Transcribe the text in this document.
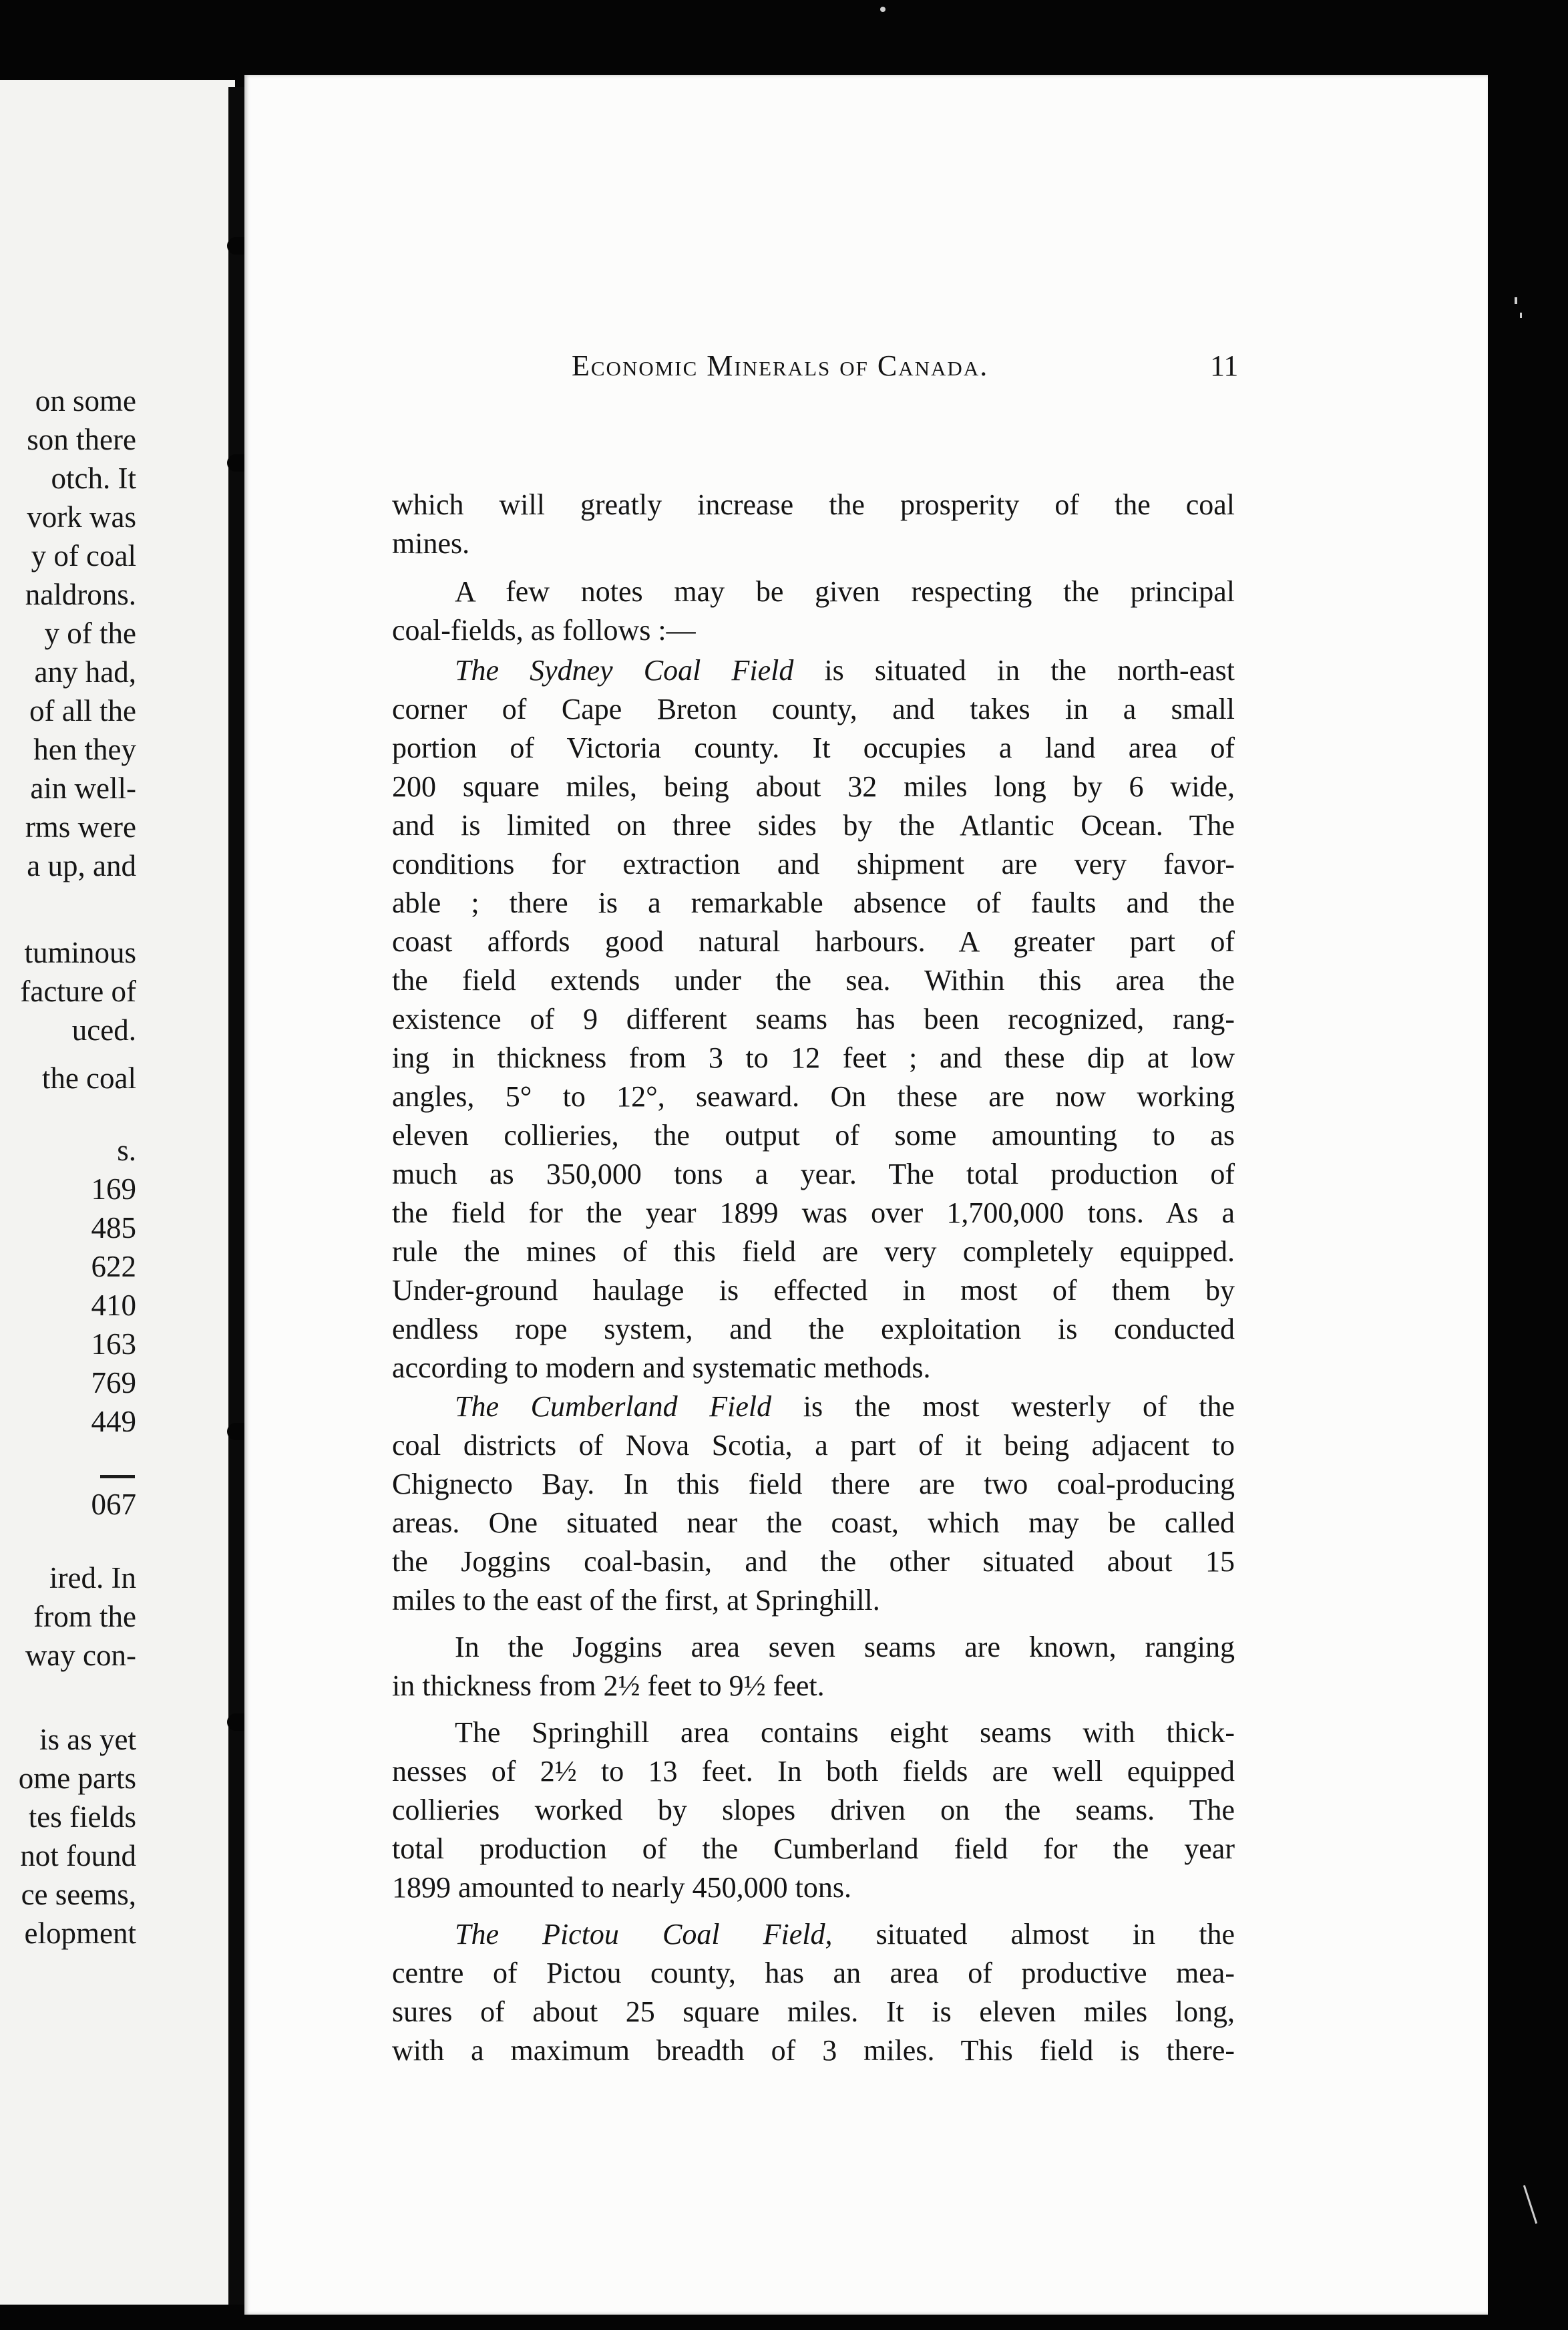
on some
son there
otch. It
vork was
y of coal
naldrons.
y of the
any had,
of all the
hen they
ain well-
rms were
a up, and
tuminous
facture of
uced.
the coal
s.
169
485
622
410
163
769
449
067
ired. In
from the
way con-
is as yet
ome parts
tes fields
not found
ce seems,
elopment
Economic Minerals of Canada.	11
which will greatly increase the prosperity of the coal
mines.
A few notes may be given respecting the principal
coal-fields, as follows :—
The Sydney Coal Field is situated in the north-east
corner of Cape Breton county, and takes in a small
portion of Victoria county. It occupies a land area of
200 square miles, being about 32 miles long by 6 wide,
and is limited on three sides by the Atlantic Ocean. The
conditions for extraction and shipment are very favor-
able ; there is a remarkable absence of faults and the
coast affords good natural harbours. A greater part of
the field extends under the sea. Within this area the
existence of 9 different seams has been recognized, rang-
ing in thickness from 3 to 12 feet ; and these dip at low
angles, 5° to 12°, seaward. On these are now working
eleven collieries, the output of some amounting to as
much as 350,000 tons a year. The total production of
the field for the year 1899 was over 1,700,000 tons. As a
rule the mines of this field are very completely equipped.
Under-ground haulage is effected in most of them by
endless rope system, and the exploitation is conducted
according to modern and systematic methods.
The Cumberland Field is the most westerly of the
coal districts of Nova Scotia, a part of it being adjacent to
Chignecto Bay. In this field there are two coal-producing
areas. One situated near the coast, which may be called
the Joggins coal-basin, and the other situated about 15
miles to the east of the first, at Springhill.
In the Joggins area seven seams are known, ranging
in thickness from 2½ feet to 9½ feet.
The Springhill area contains eight seams with thick-
nesses of 2½ to 13 feet. In both fields are well equipped
collieries worked by slopes driven on the seams. The
total production of the Cumberland field for the year
1899 amounted to nearly 450,000 tons.
The Pictou Coal Field, situated almost in the
centre of Pictou county, has an area of productive mea-
sures of about 25 square miles. It is eleven miles long,
with a maximum breadth of 3 miles. This field is there-
